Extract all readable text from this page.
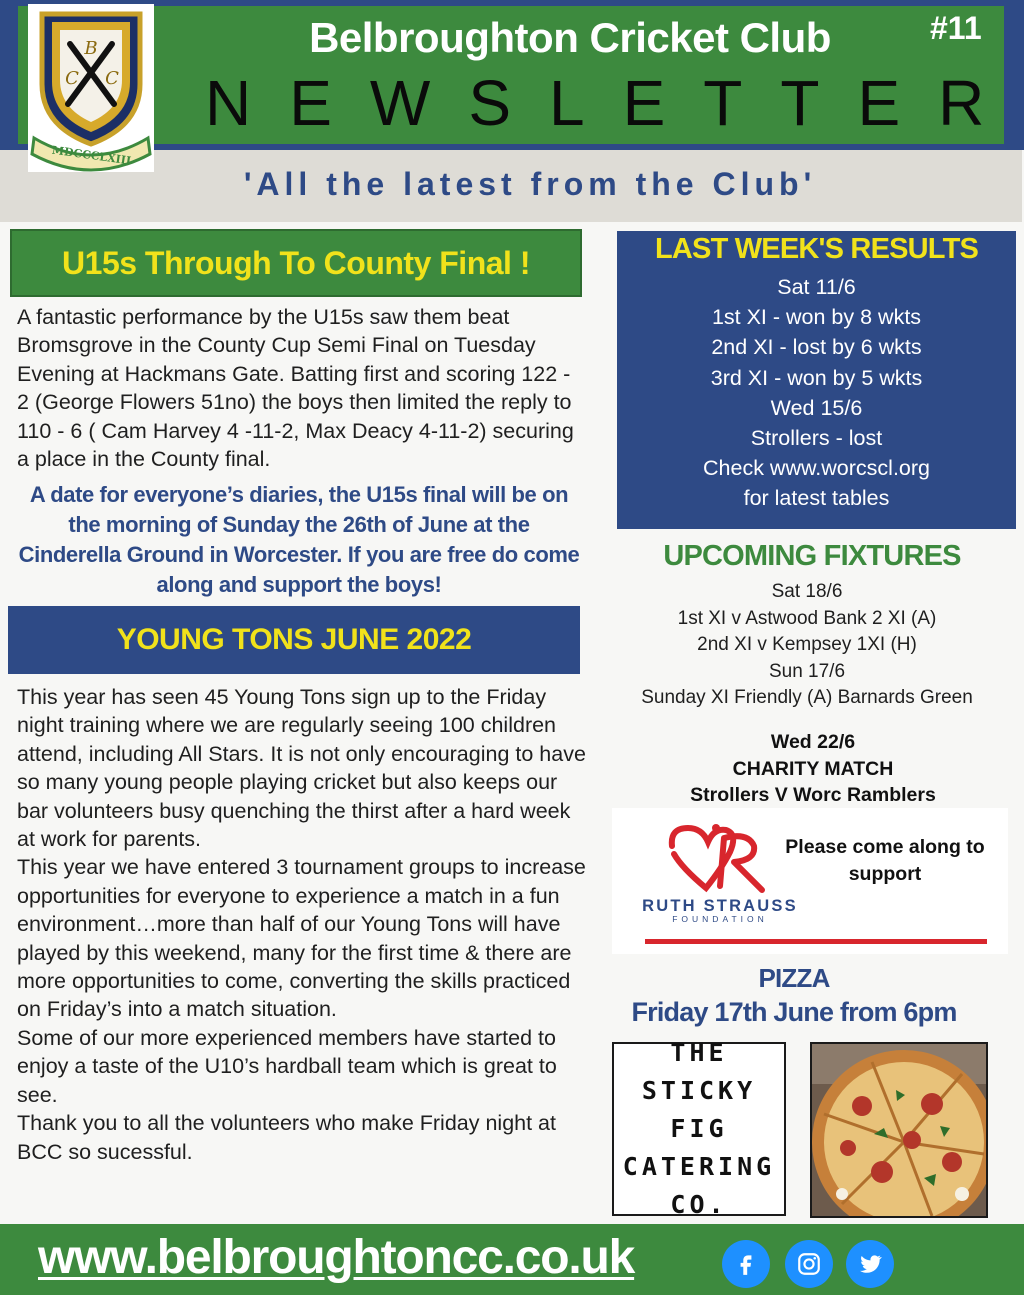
B
C C
MDCCCLXIII
Belbroughton Cricket Club	#11
NEWSLETTER
'All the latest from the Club'
U15s Through To County Final !
A fantastic performance by the U15s saw them beat Bromsgrove in the County Cup Semi Final on Tuesday Evening at Hackmans Gate. Batting first and scoring 122 - 2 (George Flowers 51no) the boys then limited the reply to 110 - 6 ( Cam Harvey 4 -11-2, Max Deacy 4-11-2) securing a place in the County final.
A date for everyone’s diaries, the U15s final will be on the morning of Sunday the 26th of June at the Cinderella Ground in Worcester. If you are free do come along and support the boys!
YOUNG TONS JUNE 2022

This year has seen 45 Young Tons sign up to the Friday night training where we are regularly seeing 100 children attend, including All Stars. It is not only encouraging to have so many young people playing cricket but also keeps our bar volunteers busy quenching the thirst after a hard week at work for parents.

This year we have entered 3 tournament groups to increase opportunities for everyone to experience a match in a fun environment…more than half of our Young Tons will have played by this weekend, many for the first time & there are more opportunities to come, converting the skills practiced on Friday’s into a match situation.

Some of our more experienced members have started to enjoy a taste of the U10’s hardball team which is great to see.

Thank you to all the volunteers who make Friday night at BCC so sucessful.

LAST WEEK'S RESULTS
Sat 11/6
1st XI - won by 8 wkts
2nd XI - lost by 6 wkts
3rd XI - won by 5 wkts
Wed 15/6
Strollers - lost
Check www.worcscl.org
for latest tables
UPCOMING FIXTURES
Sat 18/6
1st XI v Astwood Bank 2 XI (A)
2nd XI v Kempsey 1XI (H)
Sun 17/6
Sunday XI Friendly (A) Barnards Green
Wed 22/6
CHARITY MATCH
Strollers V Worc Ramblers
RUTH STRAUSS
FOUNDATION
Please come along to support
PIZZA
Friday 17th June from 6pm
THE
STICKY FIG
CATERING
CO.
www.belbroughtoncc.co.uk
